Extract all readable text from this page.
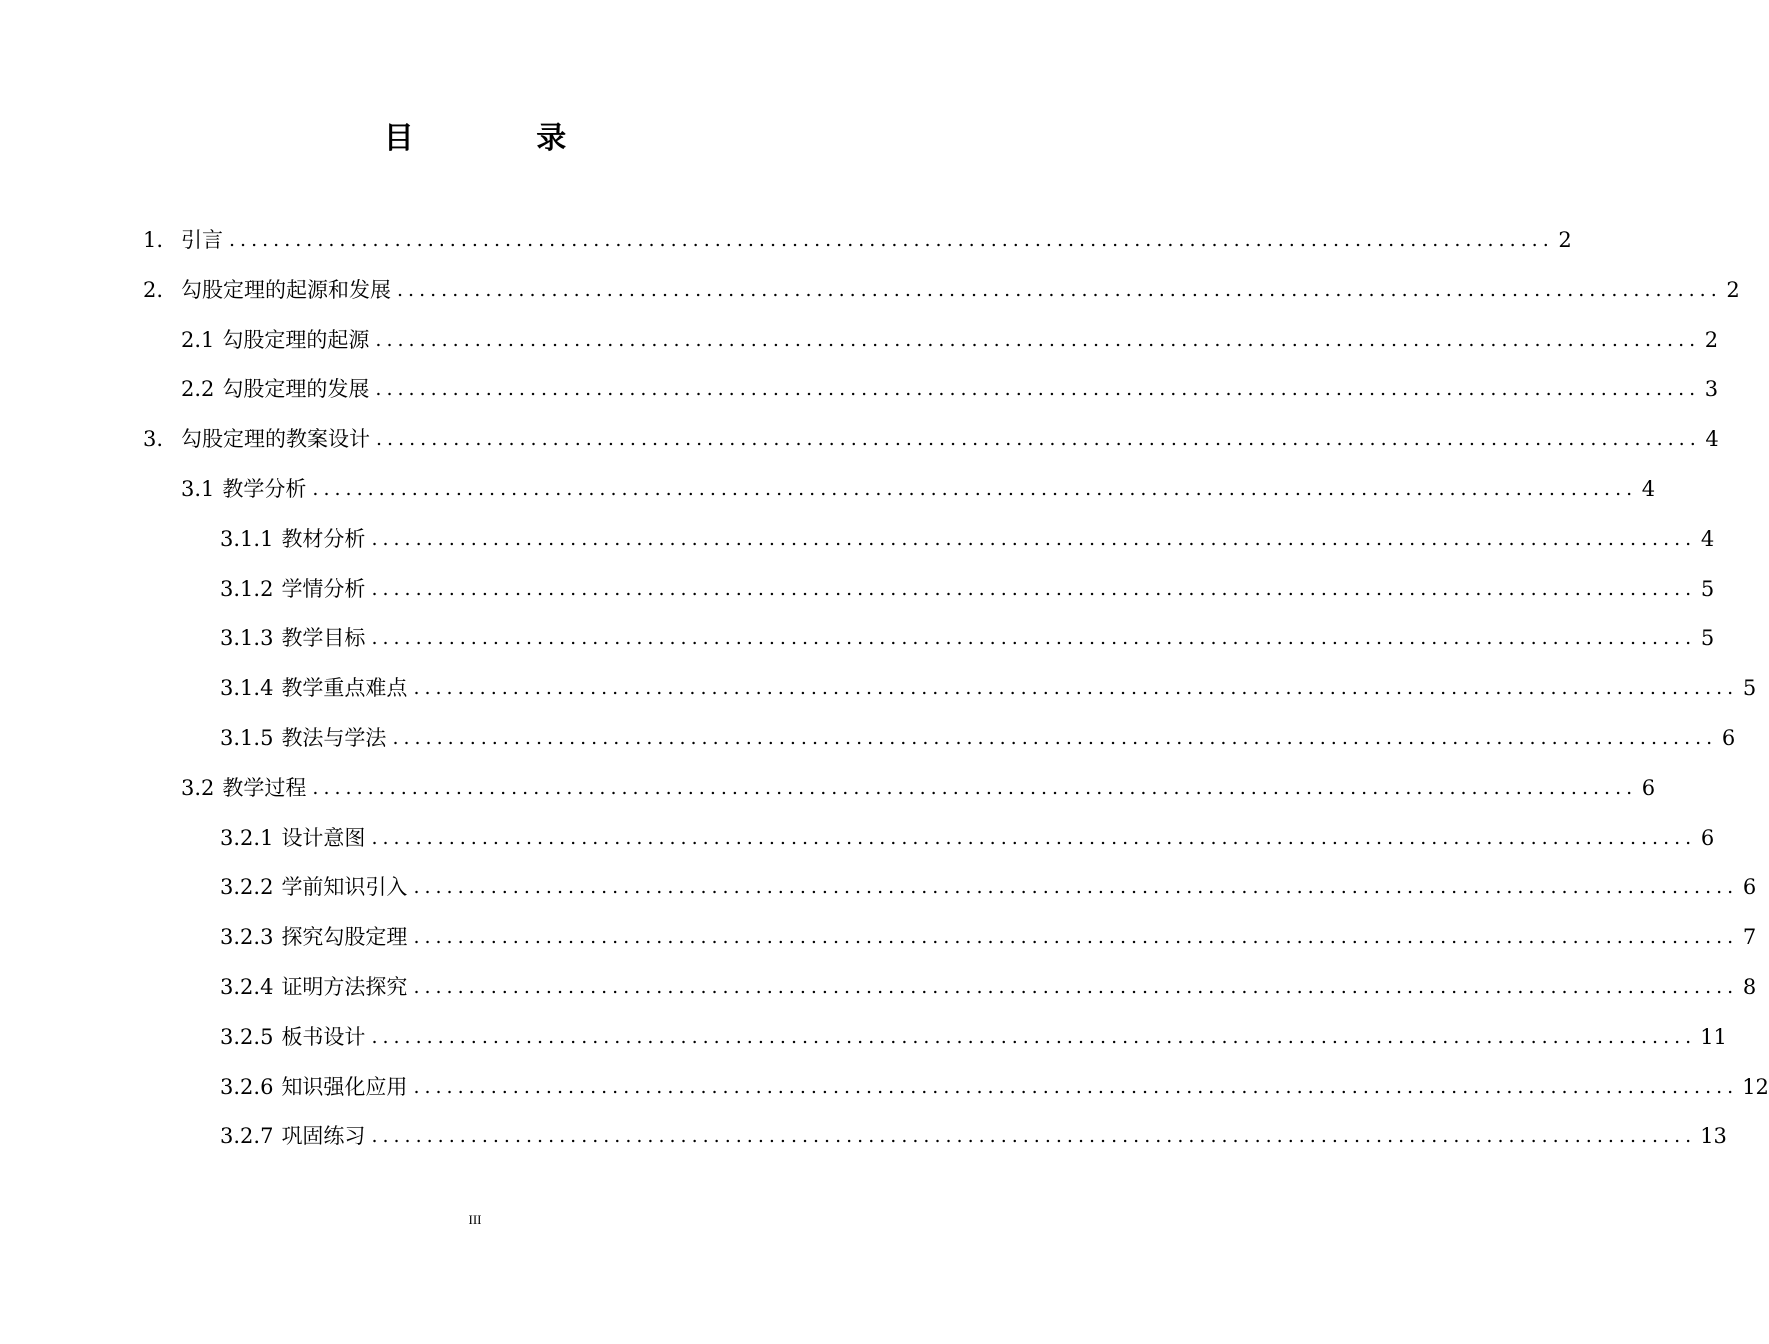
目 录
1. 引言 ........................................................................................................................ 2
2. 勾股定理的起源和发展 ........................................................................................................................ 2
2.1 勾股定理的起源 ........................................................................................................................ 2
2.2 勾股定理的发展 ........................................................................................................................ 3
3. 勾股定理的教案设计 ........................................................................................................................ 4
3.1 教学分析 ........................................................................................................................ 4
3.1.1 教材分析 ........................................................................................................................ 4
3.1.2 学情分析 ........................................................................................................................ 5
3.1.3 教学目标 ........................................................................................................................ 5
3.1.4 教学重点难点 ........................................................................................................................ 5
3.1.5 教法与学法 ........................................................................................................................ 6
3.2 教学过程 ........................................................................................................................ 6
3.2.1 设计意图 ........................................................................................................................ 6
3.2.2 学前知识引入 ........................................................................................................................ 6
3.2.3 探究勾股定理 ........................................................................................................................ 7
3.2.4 证明方法探究 ........................................................................................................................ 8
3.2.5 板书设计 ........................................................................................................................ 11
3.2.6 知识强化应用 ........................................................................................................................ 12
3.2.7 巩固练习 ........................................................................................................................ 13
III
